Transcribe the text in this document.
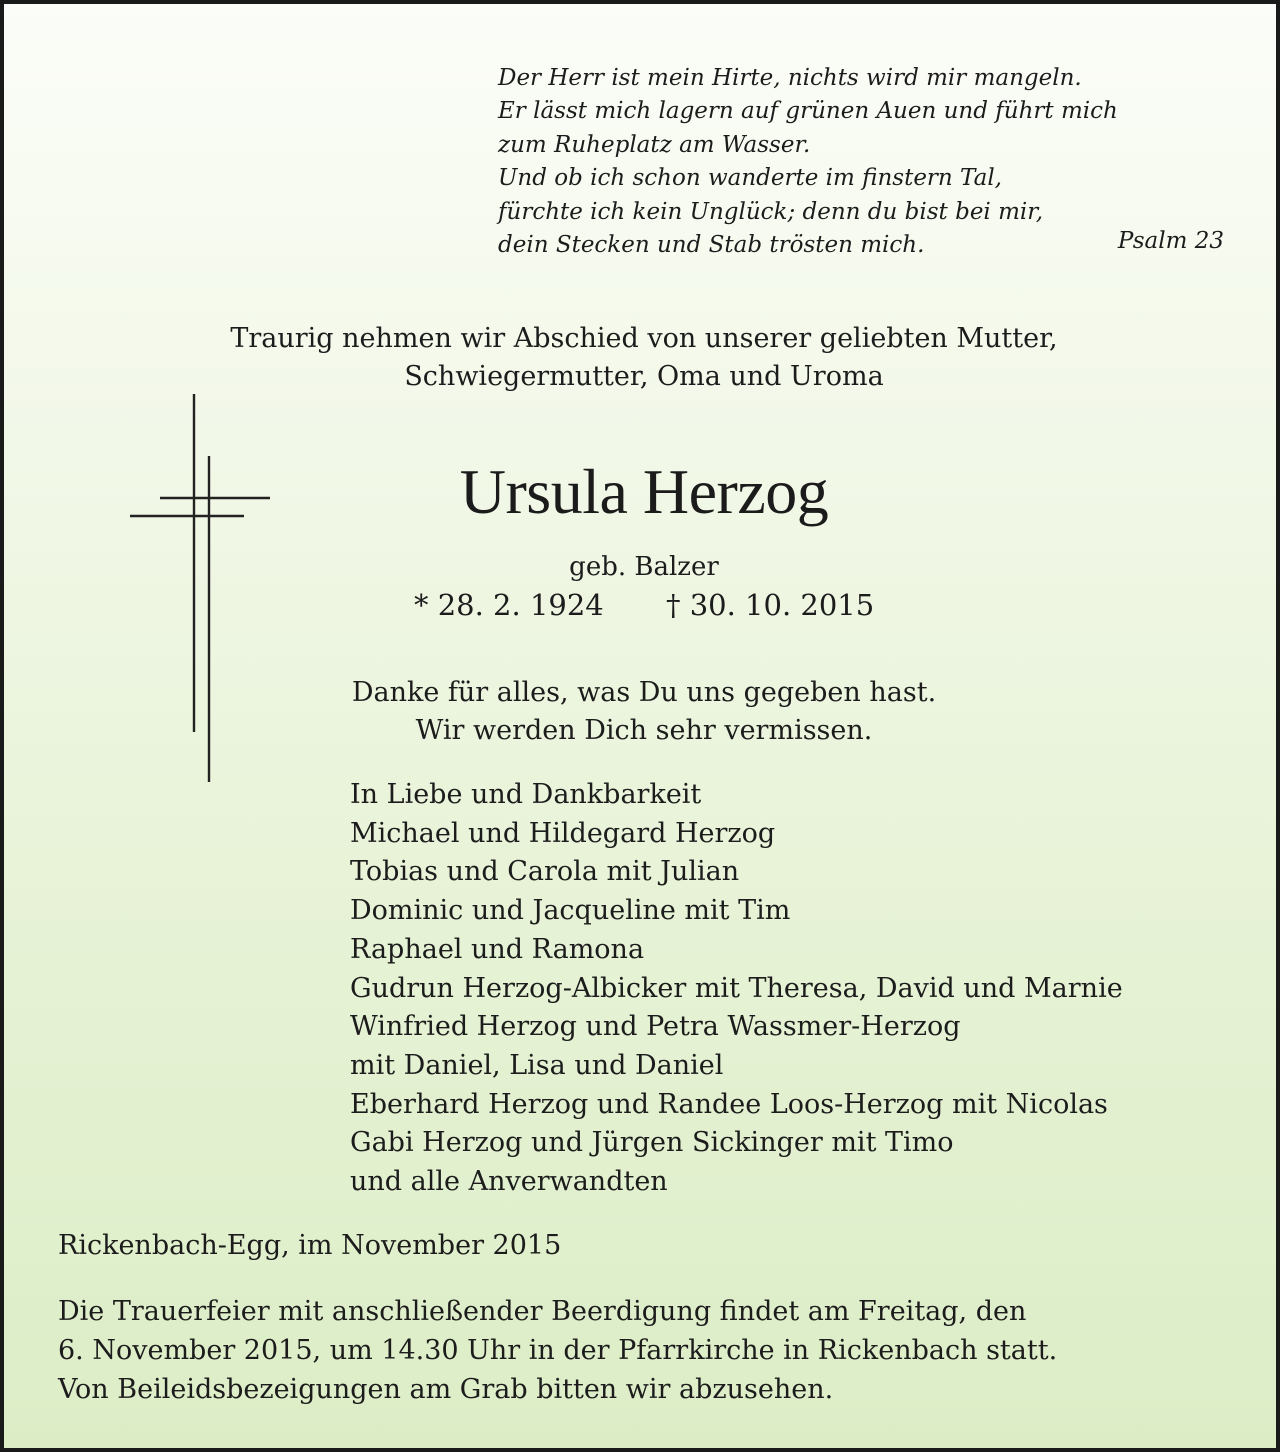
Der Herr ist mein Hirte, nichts wird mir mangeln.
Er lässt mich lagern auf grünen Auen und führt mich
zum Ruheplatz am Wasser.
Und ob ich schon wanderte im finstern Tal,
fürchte ich kein Unglück; denn du bist bei mir,
dein Stecken und Stab trösten mich.	Psalm 23
Traurig nehmen wir Abschied von unserer geliebten Mutter,
Schwiegermutter, Oma und Uroma
Ursula Herzog
geb. Balzer
* 28. 2. 1924 † 30. 10. 2015
Danke für alles, was Du uns gegeben hast.
Wir werden Dich sehr vermissen.
In Liebe und Dankbarkeit
Michael und Hildegard Herzog
Tobias und Carola mit Julian
Dominic und Jacqueline mit Tim
Raphael und Ramona
Gudrun Herzog-Albicker mit Theresa, David und Marnie
Winfried Herzog und Petra Wassmer-Herzog
mit Daniel, Lisa und Daniel
Eberhard Herzog und Randee Loos-Herzog mit Nicolas
Gabi Herzog und Jürgen Sickinger mit Timo
und alle Anverwandten
Rickenbach-Egg, im November 2015
Die Trauerfeier mit anschließender Beerdigung findet am Freitag, den
6. November 2015, um 14.30 Uhr in der Pfarrkirche in Rickenbach statt.
Von Beileidsbezeigungen am Grab bitten wir abzusehen.
